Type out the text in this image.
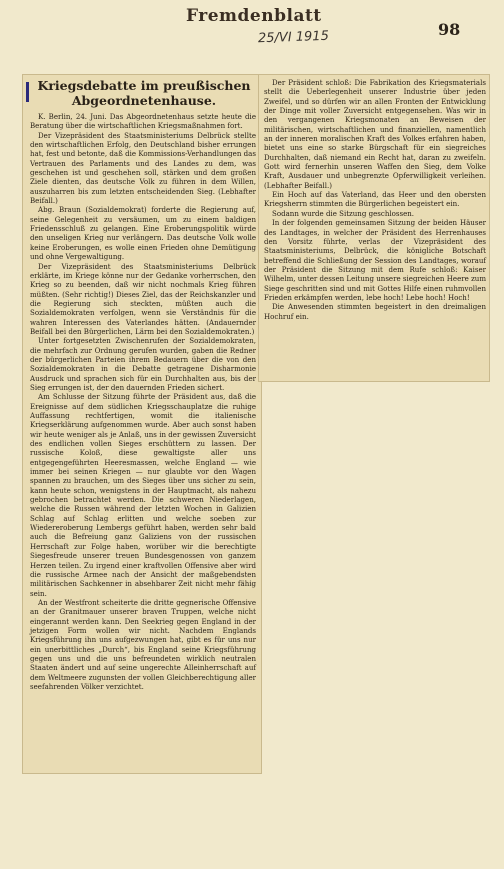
Fremdenblatt
98
25/VI 1915
Kriegsdebatte im preußischen Abgeordnetenhause.

K. Berlin, 24. Juni. Das Abgeordnetenhaus setzte heute die Beratung über die wirtschaftlichen Kriegsmaßnahmen fort.

Der Vizepräsident des Staatsministeriums Delbrück stellte den wirtschaftlichen Erfolg, den Deutschland bisher errungen hat, fest und betonte, daß die Kommissions-Verhandlungen das Vertrauen des Parlaments und des Landes zu dem, was geschehen ist und geschehen soll, stärken und dem großen Ziele dienten, das deutsche Volk zu führen in dem Willen, auszuharren bis zum letzten entscheidenden Sieg. (Lebhafter Beifall.)

Abg. Braun (Sozialdemokrat) forderte die Regierung auf, seine Gelegenheit zu versäumen, um zu einem baldigen Friedensschluß zu gelangen. Eine Eroberungspolitik würde den unseligen Krieg nur verlängern. Das deutsche Volk wolle keine Eroberungen, es wolle einen Frieden ohne Demütigung und ohne Vergewaltigung.

Der Vizepräsident des Staatsministeriums Delbrück erklärte, im Kriege könne nur der Gedanke vorherrschen, den Krieg so zu beenden, daß wir nicht nochmals Krieg führen müßten. (Sehr richtig!) Dieses Ziel, das der Reichskanzler und die Regierung sich steckten, müßten auch die Sozialdemokraten verfolgen, wenn sie Verständnis für die wahren Interessen des Vaterlandes hätten. (Andauernder Beifall bei den Bürgerlichen, Lärm bei den Sozialdemokraten.)

Unter fortgesetzten Zwischenrufen der Sozialdemokraten, die mehrfach zur Ordnung gerufen wurden, gaben die Redner der bürgerlichen Parteien ihrem Bedauern über die von den Sozialdemokraten in die Debatte getragene Disharmonie Ausdruck und sprachen sich für ein Durchhalten aus, bis der Sieg errungen ist, der den dauernden Frieden sichert.

Am Schlusse der Sitzung führte der Präsident aus, daß die Ereignisse auf dem südlichen Kriegsschauplatze die ruhige Auffassung rechtfertigen, womit die italienische Kriegserklärung aufgenommen wurde. Aber auch sonst haben wir heute weniger als je Anlaß, uns in der gewissen Zuversicht des endlichen vollen Sieges erschüttern zu lassen. Der russische Koloß, diese gewaltigste aller uns entgegengeführten Heeresmassen, welche England — wie immer bei seinen Kriegen — nur glaubte vor den Wagen spannen zu brauchen, um des Sieges über uns sicher zu sein, kann heute schon, wenigstens in der Hauptmacht, als nahezu gebrochen betrachtet werden. Die schweren Niederlagen, welche die Russen während der letzten Wochen in Galizien Schlag auf Schlag erlitten und welche soeben zur Wiedereroberung Lembergs geführt haben, werden sehr bald auch die Befreiung ganz Galiziens von der russischen Herrschaft zur Folge haben, worüber wir die berechtigte Siegesfreude unserer treuen Bundesgenossen von ganzem Herzen teilen. Zu irgend einer kraftvollen Offensive aber wird die russische Armee nach der Ansicht der maßgebendsten militärischen Sachkenner in absehbarer Zeit nicht mehr fähig sein.

An der Westfront scheiterte die dritte gegnerische Offensive an der Granitmauer unserer braven Truppen, welche nicht eingerannt werden kann. Den Seekrieg gegen England in der jetzigen Form wollen wir nicht. Nachdem Englands Kriegsführung ihn uns aufgezwungen hat, gibt es für uns nur ein unerbittliches „Durch“, bis England seine Kriegsführung gegen uns und die uns befreundeten wirklich neutralen Staaten ändert und auf seine ungerechte Alleinherrschaft auf dem Weltmeere zugunsten der vollen Gleichberechtigung aller seefahrenden Völker verzichtet.

Der Präsident schloß: Die Fabrikation des Kriegsmaterials stellt die Ueberlegenheit unserer Industrie über jeden Zweifel, und so dürfen wir an allen Fronten der Entwicklung der Dinge mit voller Zuversicht entgegensehen. Was wir in den vergangenen Kriegsmonaten an Beweisen der militärischen, wirtschaftlichen und finanziellen, namentlich an der inneren moralischen Kraft des Volkes erfahren haben, bietet uns eine so starke Bürgschaft für ein siegreiches Durchhalten, daß niemand ein Recht hat, daran zu zweifeln. Gott wird fernerhin unseren Waffen den Sieg, dem Volke Kraft, Ausdauer und unbegrenzte Opferwilligkeit verleihen. (Lebhafter Beifall.)

Ein Hoch auf das Vaterland, das Heer und den obersten Kriegsherrn stimmten die Bürgerlichen begeistert ein.

Sodann wurde die Sitzung geschlossen.

In der folgenden gemeinsamen Sitzung der beiden Häuser des Landtages, in welcher der Präsident des Herrenhauses den Vorsitz führte, verlas der Vizepräsident des Staatsministeriums, Delbrück, die königliche Botschaft betreffend die Schließung der Session des Landtages, worauf der Präsident die Sitzung mit dem Rufe schloß: Kaiser Wilhelm, unter dessen Leitung unsere siegreichen Heere zum Siege geschritten sind und mit Gottes Hilfe einen ruhmvollen Frieden erkämpfen werden, lebe hoch! Lebe hoch! Hoch!

Die Anwesenden stimmten begeistert in den dreimaligen Hochruf ein.
